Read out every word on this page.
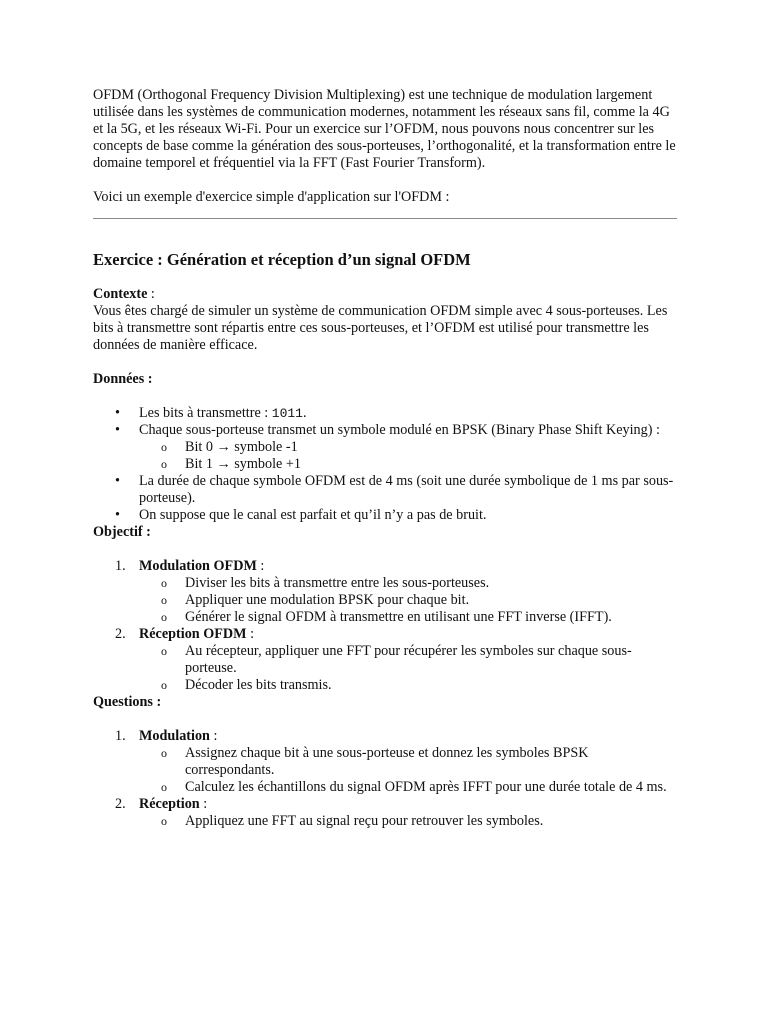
OFDM (Orthogonal Frequency Division Multiplexing) est une technique de modulation largement utilisée dans les systèmes de communication modernes, notamment les réseaux sans fil, comme la 4G et la 5G, et les réseaux Wi-Fi. Pour un exercice sur l’OFDM, nous pouvons nous concentrer sur les concepts de base comme la génération des sous-porteuses, l’orthogonalité, et la transformation entre le domaine temporel et fréquentiel via la FFT (Fast Fourier Transform).

Voici un exemple d'exercice simple d'application sur l'OFDM :

Exercice : Génération et réception d’un signal OFDM

Contexte :

Vous êtes chargé de simuler un système de communication OFDM simple avec 4 sous-porteuses. Les bits à transmettre sont répartis entre ces sous-porteuses, et l’OFDM est utilisé pour transmettre les données de manière efficace.

Données :

• Les bits à transmettre : 1011.
• Chaque sous-porteuse transmet un symbole modulé en BPSK (Binary Phase Shift Keying) :
o Bit 0 → symbole -1
o Bit 1 → symbole +1
• La durée de chaque symbole OFDM est de 4 ms (soit une durée symbolique de 1 ms par sous-porteuse).
• On suppose que le canal est parfait et qu’il n’y a pas de bruit.

Objectif :

1. Modulation OFDM :
o Diviser les bits à transmettre entre les sous-porteuses.
o Appliquer une modulation BPSK pour chaque bit.
o Générer le signal OFDM à transmettre en utilisant une FFT inverse (IFFT).
2. Réception OFDM :
o Au récepteur, appliquer une FFT pour récupérer les symboles sur chaque sous-porteuse.
o Décoder les bits transmis.

Questions :

1. Modulation :
o Assignez chaque bit à une sous-porteuse et donnez les symboles BPSK correspondants.
o Calculez les échantillons du signal OFDM après IFFT pour une durée totale de 4 ms.
2. Réception :
o Appliquez une FFT au signal reçu pour retrouver les symboles.
